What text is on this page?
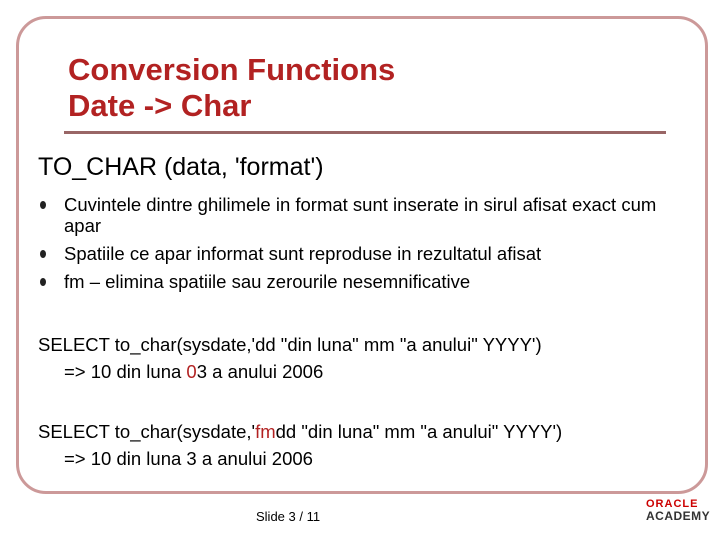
Conversion Functions
Date -> Char
TO_CHAR (data, 'format')
Cuvintele dintre ghilimele in format sunt inserate in sirul afisat exact cum apar
Spatiile ce apar informat sunt reproduse in rezultatul afisat
fm – elimina spatiile sau zerourile nesemnificative
SELECT to_char(sysdate,'dd "din luna" mm "a anului" YYYY')
=> 10 din luna 03 a anului 2006
SELECT to_char(sysdate,'fmdd "din luna" mm "a anului" YYYY')
=> 10 din luna 3 a anului 2006
Slide 3 / 11
ORACLE
ACADEMY
